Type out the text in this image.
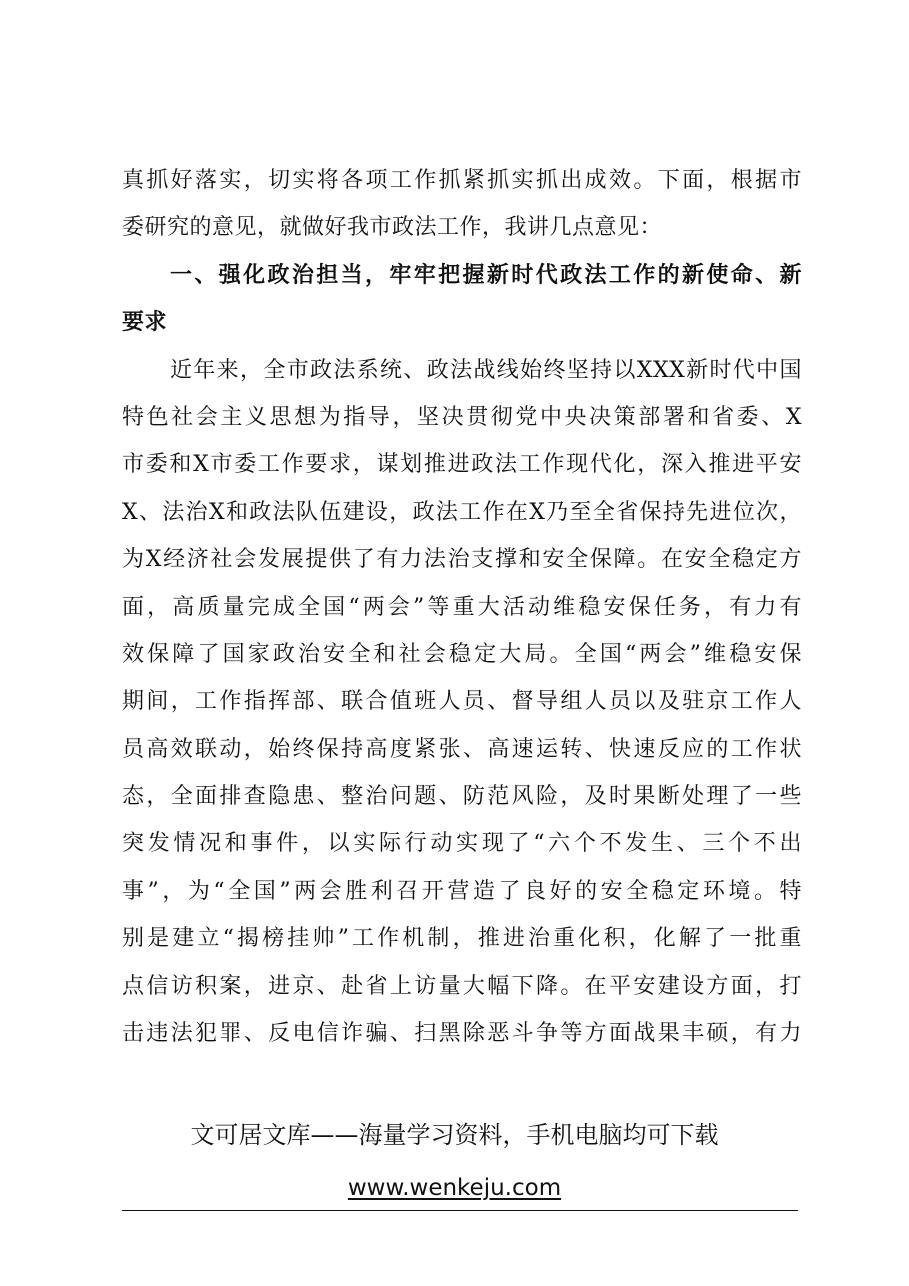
真抓好落实，切实将各项工作抓紧抓实抓出成效。下面，根据市
委研究的意见，就做好我市政法工作，我讲几点意见：
一、强化政治担当，牢牢把握新时代政法工作的新使命、新
要求
近年来，全市政法系统、政法战线始终坚持以XXX新时代中国
特色社会主义思想为指导，坚决贯彻党中央决策部署和省委、X
市委和X市委工作要求，谋划推进政法工作现代化，深入推进平安
X、法治X和政法队伍建设，政法工作在X乃至全省保持先进位次，
为X经济社会发展提供了有力法治支撑和安全保障。在安全稳定方
面，高质量完成全国“两会”等重大活动维稳安保任务，有力有
效保障了国家政治安全和社会稳定大局。全国“两会”维稳安保
期间，工作指挥部、联合值班人员、督导组人员以及驻京工作人
员高效联动，始终保持高度紧张、高速运转、快速反应的工作状
态，全面排查隐患、整治问题、防范风险，及时果断处理了一些
突发情况和事件，以实际行动实现了“六个不发生、三个不出
事”，为“全国”两会胜利召开营造了良好的安全稳定环境。特
别是建立“揭榜挂帅”工作机制，推进治重化积，化解了一批重
点信访积案，进京、赴省上访量大幅下降。在平安建设方面，打
击违法犯罪、反电信诈骗、扫黑除恶斗争等方面战果丰硕，有力
文可居文库——海量学习资料，手机电脑均可下载
www.wenkeju.com
